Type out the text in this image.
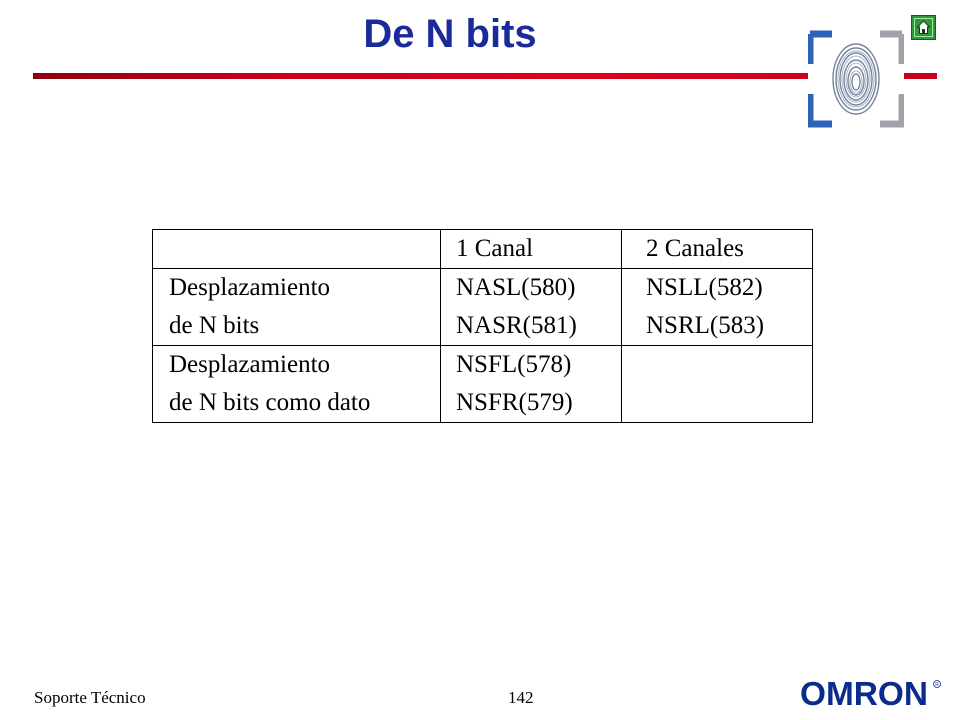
De N bits
	1 Canal	2 Canales
Desplazamiento	NASL(580)	NSLL(582)
de N bits	NASR(581)	NSRL(583)
Desplazamiento	NSFL(578)	
de N bits como dato	NSFR(579)	
Soporte Técnico	142	OMRON R
